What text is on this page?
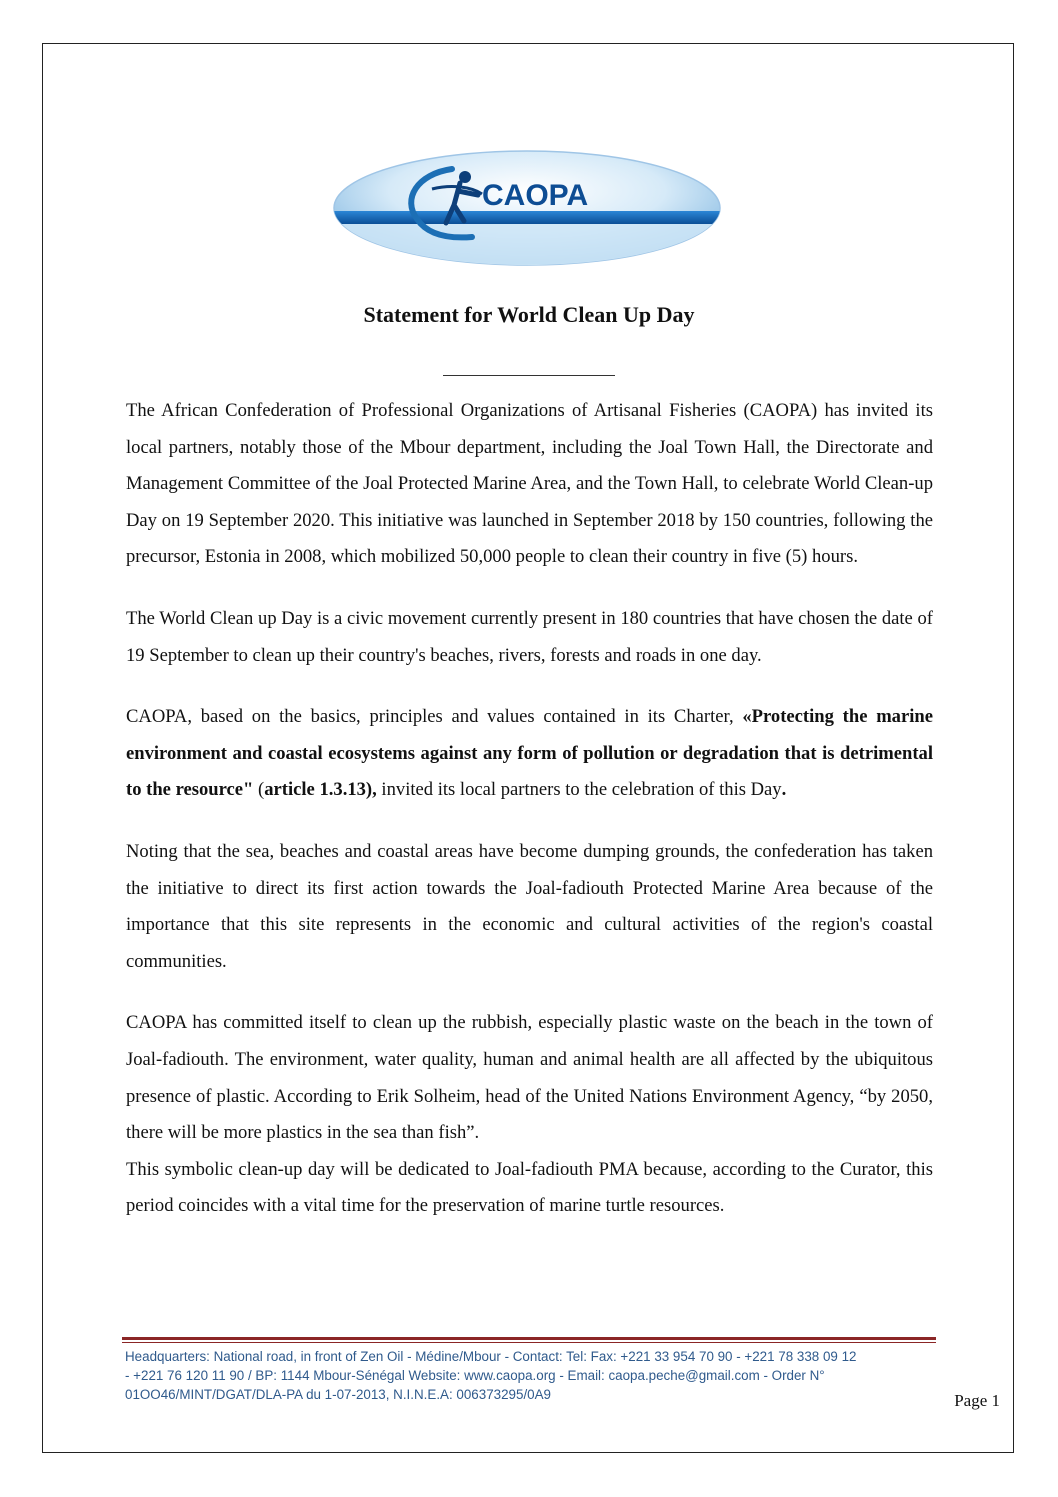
CAOPA
Statement for World Clean Up Day

The African Confederation of Professional Organizations of Artisanal Fisheries (CAOPA) has invited its local partners, notably those of the Mbour department, including the Joal Town Hall, the Directorate and Management Committee of the Joal Protected Marine Area, and the Town Hall, to celebrate World Clean-up Day on 19 September 2020. This initiative was launched in September 2018 by 150 countries, following the precursor, Estonia in 2008, which mobilized 50,000 people to clean their country in five (5) hours.

The World Clean up Day is a civic movement currently present in 180 countries that have chosen the date of 19 September to clean up their country's beaches, rivers, forests and roads in one day.

CAOPA, based on the basics, principles and values contained in its Charter, «Protecting the marine environment and coastal ecosystems against any form of pollution or degradation that is detrimental to the resource" (article 1.3.13), invited its local partners to the celebration of this Day.

Noting that the sea, beaches and coastal areas have become dumping grounds, the confederation has taken the initiative to direct its first action towards the Joal-fadiouth Protected Marine Area because of the importance that this site represents in the economic and cultural activities of the region's coastal communities.

CAOPA has committed itself to clean up the rubbish, especially plastic waste on the beach in the town of Joal-fadiouth. The environment, water quality, human and animal health are all affected by the ubiquitous presence of plastic. According to Erik Solheim, head of the United Nations Environment Agency, “by 2050, there will be more plastics in the sea than fish”.

This symbolic clean-up day will be dedicated to Joal-fadiouth PMA because, according to the Curator, this period coincides with a vital time for the preservation of marine turtle resources.

Headquarters: National road, in front of Zen Oil - Médine/Mbour - Contact: Tel: Fax: +221 33 954 70 90 - +221 78 338 09 12
- +221 76 120 11 90 / BP: 1144 Mbour-Sénégal Website: www.caopa.org - Email: caopa.peche@gmail.com - Order N°
01OO46/MINT/DGAT/DLA-PA du 1-07-2013, N.I.N.E.A: 006373295/0A9	Page 1
